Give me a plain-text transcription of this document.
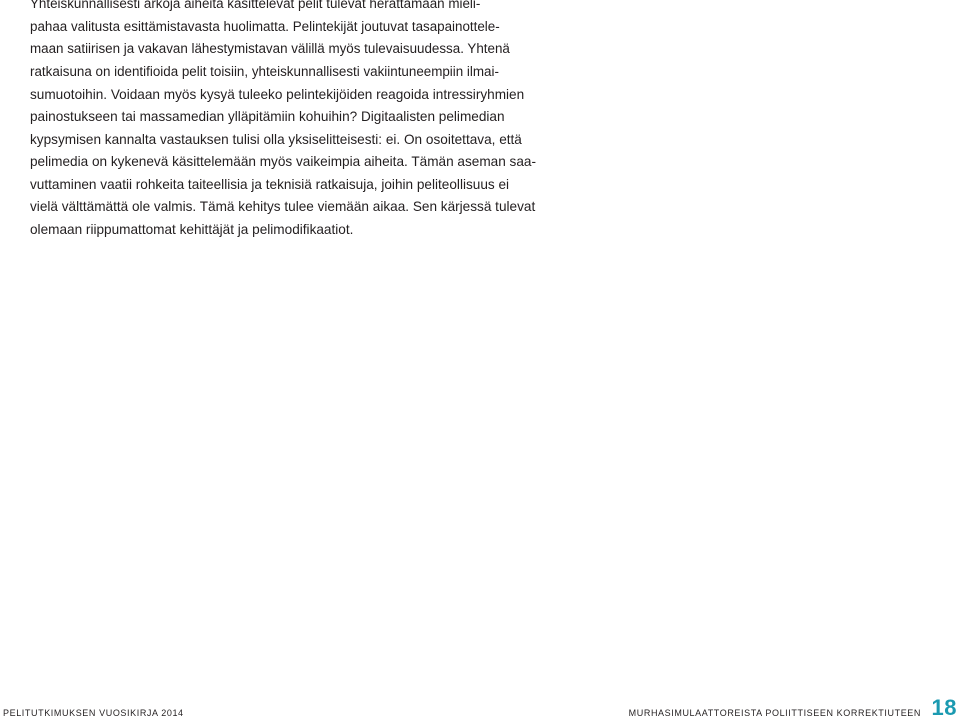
Yhteiskunnallisesti arkoja aiheita käsittelevät pelit tulevat herättämään mieli-
pahaa valitusta esittämistavasta huolimatta. Pelintekijät joutuvat tasapainottele-
maan satiirisen ja vakavan lähestymistavan välillä myös tulevaisuudessa. Yhtenä
ratkaisuna on identifioida pelit toisiin, yhteiskunnallisesti vakiintuneempiin ilmai-
sumuotoihin. Voidaan myös kysyä tuleeko pelintekijöiden reagoida intressiryhmien
painostukseen tai massamedian ylläpitämiin kohuihin? Digitaalisten pelimedian
kypsymisen kannalta vastauksen tulisi olla yksiselitteisesti: ei. On osoitettava, että
pelimedia on kykenevä käsittelemään myös vaikeimpia aiheita. Tämän aseman saa-
vuttaminen vaatii rohkeita taiteellisia ja teknisiä ratkaisuja, joihin peliteollisuus ei
vielä välttämättä ole valmis. Tämä kehitys tulee viemään aikaa. Sen kärjessä tulevat
olemaan riippumattomat kehittäjät ja pelimodifikaatiot.
PELITUTKIMUKSEN VUOSIKIRJA 2014	MURHASIMULAATTOREISTA POLIITTISEEN KORREKTIUTEEN 18
